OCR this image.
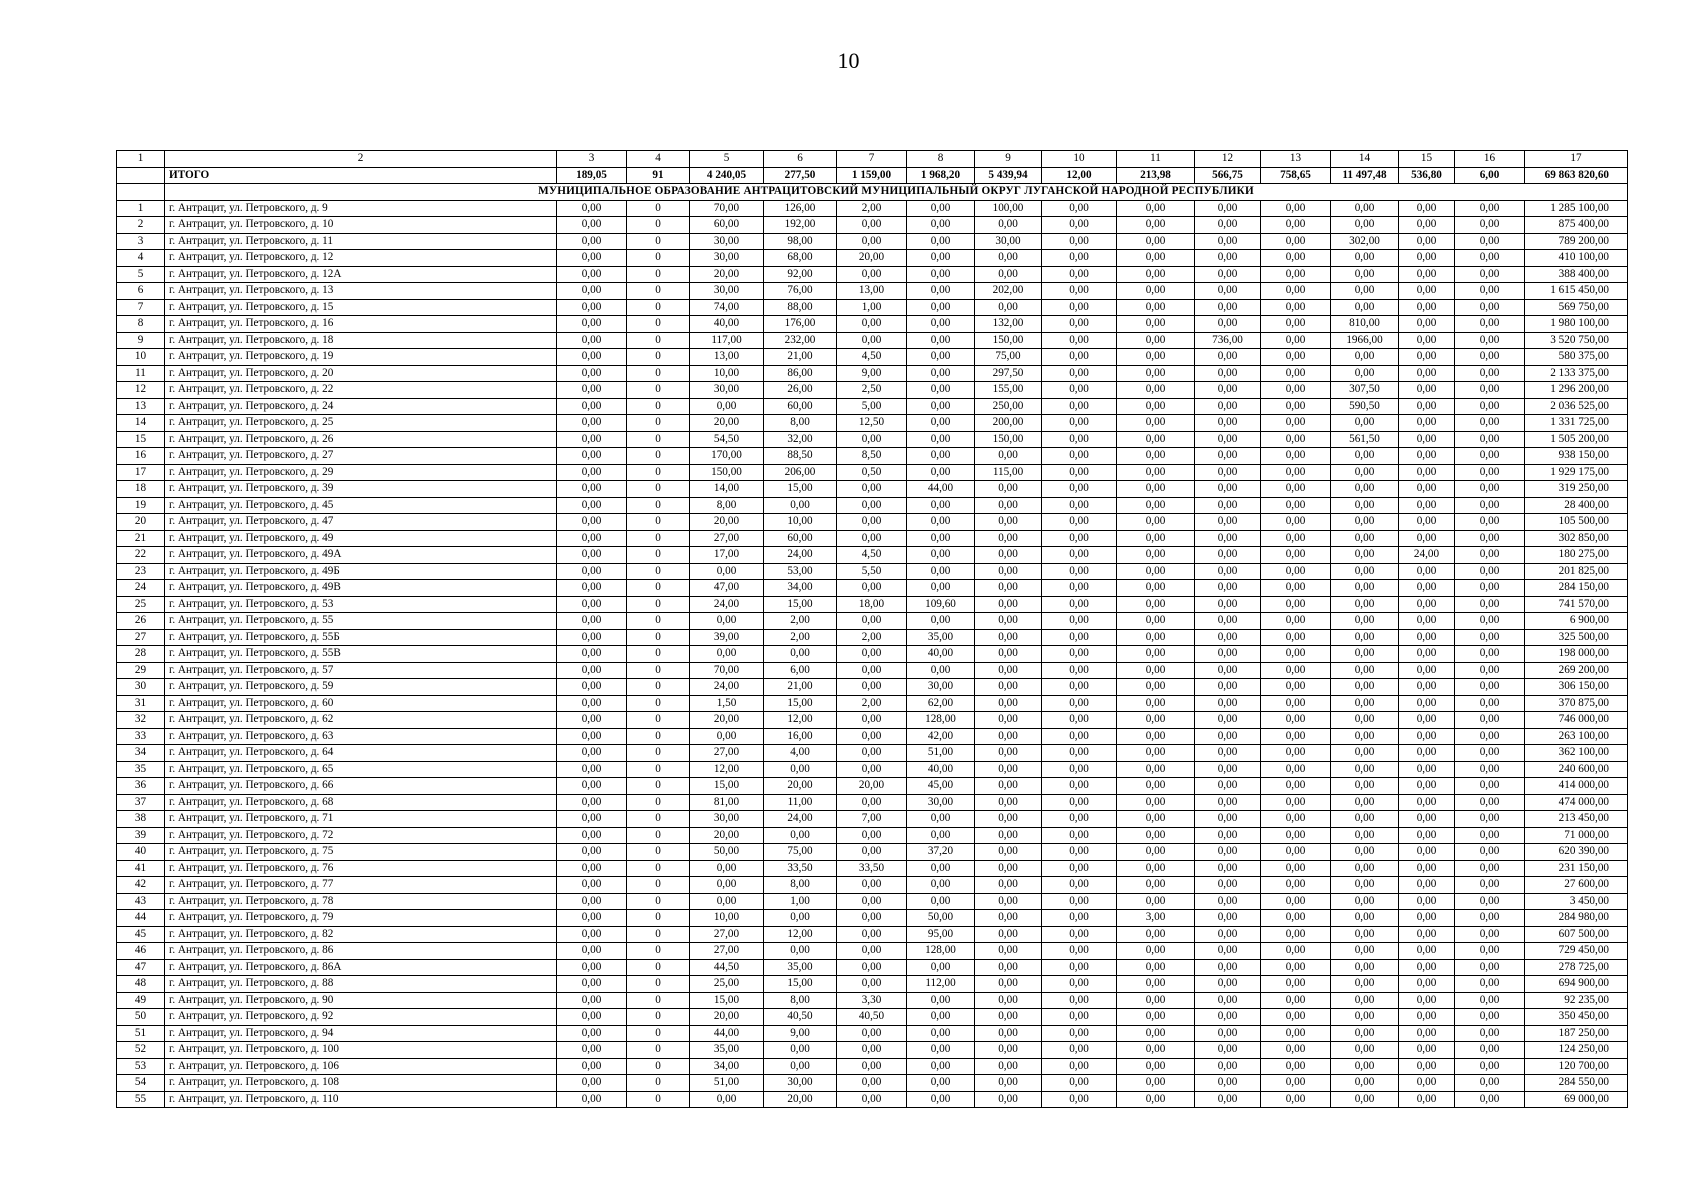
10
1	2	3	4	5	6	7	8	9	10	11	12	13	14	15	16	17
	ИТОГО	189,05	91	4 240,05	277,50	1 159,00	1 968,20	5 439,94	12,00	213,98	566,75	758,65	11 497,48	536,80	6,00	69 863 820,60
	МУНИЦИПАЛЬНОЕ ОБРАЗОВАНИЕ АНТРАЦИТОВСКИЙ МУНИЦИПАЛЬНЫЙ ОКРУГ ЛУГАНСКОЙ НАРОДНОЙ РЕСПУБЛИКИ															
1	г. Антрацит, ул. Петровского, д. 9	0,00	0	70,00	126,00	2,00	0,00	100,00	0,00	0,00	0,00	0,00	0,00	0,00	0,00	1 285 100,00
2	г. Антрацит, ул. Петровского, д. 10	0,00	0	60,00	192,00	0,00	0,00	0,00	0,00	0,00	0,00	0,00	0,00	0,00	0,00	875 400,00
3	г. Антрацит, ул. Петровского, д. 11	0,00	0	30,00	98,00	0,00	0,00	30,00	0,00	0,00	0,00	0,00	302,00	0,00	0,00	789 200,00
4	г. Антрацит, ул. Петровского, д. 12	0,00	0	30,00	68,00	20,00	0,00	0,00	0,00	0,00	0,00	0,00	0,00	0,00	0,00	410 100,00
5	г. Антрацит, ул. Петровского, д. 12А	0,00	0	20,00	92,00	0,00	0,00	0,00	0,00	0,00	0,00	0,00	0,00	0,00	0,00	388 400,00
6	г. Антрацит, ул. Петровского, д. 13	0,00	0	30,00	76,00	13,00	0,00	202,00	0,00	0,00	0,00	0,00	0,00	0,00	0,00	1 615 450,00
7	г. Антрацит, ул. Петровского, д. 15	0,00	0	74,00	88,00	1,00	0,00	0,00	0,00	0,00	0,00	0,00	0,00	0,00	0,00	569 750,00
8	г. Антрацит, ул. Петровского, д. 16	0,00	0	40,00	176,00	0,00	0,00	132,00	0,00	0,00	0,00	0,00	810,00	0,00	0,00	1 980 100,00
9	г. Антрацит, ул. Петровского, д. 18	0,00	0	117,00	232,00	0,00	0,00	150,00	0,00	0,00	736,00	0,00	1966,00	0,00	0,00	3 520 750,00
10	г. Антрацит, ул. Петровского, д. 19	0,00	0	13,00	21,00	4,50	0,00	75,00	0,00	0,00	0,00	0,00	0,00	0,00	0,00	580 375,00
11	г. Антрацит, ул. Петровского, д. 20	0,00	0	10,00	86,00	9,00	0,00	297,50	0,00	0,00	0,00	0,00	0,00	0,00	0,00	2 133 375,00
12	г. Антрацит, ул. Петровского, д. 22	0,00	0	30,00	26,00	2,50	0,00	155,00	0,00	0,00	0,00	0,00	307,50	0,00	0,00	1 296 200,00
13	г. Антрацит, ул. Петровского, д. 24	0,00	0	0,00	60,00	5,00	0,00	250,00	0,00	0,00	0,00	0,00	590,50	0,00	0,00	2 036 525,00
14	г. Антрацит, ул. Петровского, д. 25	0,00	0	20,00	8,00	12,50	0,00	200,00	0,00	0,00	0,00	0,00	0,00	0,00	0,00	1 331 725,00
15	г. Антрацит, ул. Петровского, д. 26	0,00	0	54,50	32,00	0,00	0,00	150,00	0,00	0,00	0,00	0,00	561,50	0,00	0,00	1 505 200,00
16	г. Антрацит, ул. Петровского, д. 27	0,00	0	170,00	88,50	8,50	0,00	0,00	0,00	0,00	0,00	0,00	0,00	0,00	0,00	938 150,00
17	г. Антрацит, ул. Петровского, д. 29	0,00	0	150,00	206,00	0,50	0,00	115,00	0,00	0,00	0,00	0,00	0,00	0,00	0,00	1 929 175,00
18	г. Антрацит, ул. Петровского, д. 39	0,00	0	14,00	15,00	0,00	44,00	0,00	0,00	0,00	0,00	0,00	0,00	0,00	0,00	319 250,00
19	г. Антрацит, ул. Петровского, д. 45	0,00	0	8,00	0,00	0,00	0,00	0,00	0,00	0,00	0,00	0,00	0,00	0,00	0,00	28 400,00
20	г. Антрацит, ул. Петровского, д. 47	0,00	0	20,00	10,00	0,00	0,00	0,00	0,00	0,00	0,00	0,00	0,00	0,00	0,00	105 500,00
21	г. Антрацит, ул. Петровского, д. 49	0,00	0	27,00	60,00	0,00	0,00	0,00	0,00	0,00	0,00	0,00	0,00	0,00	0,00	302 850,00
22	г. Антрацит, ул. Петровского, д. 49А	0,00	0	17,00	24,00	4,50	0,00	0,00	0,00	0,00	0,00	0,00	0,00	24,00	0,00	180 275,00
23	г. Антрацит, ул. Петровского, д. 49Б	0,00	0	0,00	53,00	5,50	0,00	0,00	0,00	0,00	0,00	0,00	0,00	0,00	0,00	201 825,00
24	г. Антрацит, ул. Петровского, д. 49В	0,00	0	47,00	34,00	0,00	0,00	0,00	0,00	0,00	0,00	0,00	0,00	0,00	0,00	284 150,00
25	г. Антрацит, ул. Петровского, д. 53	0,00	0	24,00	15,00	18,00	109,60	0,00	0,00	0,00	0,00	0,00	0,00	0,00	0,00	741 570,00
26	г. Антрацит, ул. Петровского, д. 55	0,00	0	0,00	2,00	0,00	0,00	0,00	0,00	0,00	0,00	0,00	0,00	0,00	0,00	6 900,00
27	г. Антрацит, ул. Петровского, д. 55Б	0,00	0	39,00	2,00	2,00	35,00	0,00	0,00	0,00	0,00	0,00	0,00	0,00	0,00	325 500,00
28	г. Антрацит, ул. Петровского, д. 55В	0,00	0	0,00	0,00	0,00	40,00	0,00	0,00	0,00	0,00	0,00	0,00	0,00	0,00	198 000,00
29	г. Антрацит, ул. Петровского, д. 57	0,00	0	70,00	6,00	0,00	0,00	0,00	0,00	0,00	0,00	0,00	0,00	0,00	0,00	269 200,00
30	г. Антрацит, ул. Петровского, д. 59	0,00	0	24,00	21,00	0,00	30,00	0,00	0,00	0,00	0,00	0,00	0,00	0,00	0,00	306 150,00
31	г. Антрацит, ул. Петровского, д. 60	0,00	0	1,50	15,00	2,00	62,00	0,00	0,00	0,00	0,00	0,00	0,00	0,00	0,00	370 875,00
32	г. Антрацит, ул. Петровского, д. 62	0,00	0	20,00	12,00	0,00	128,00	0,00	0,00	0,00	0,00	0,00	0,00	0,00	0,00	746 000,00
33	г. Антрацит, ул. Петровского, д. 63	0,00	0	0,00	16,00	0,00	42,00	0,00	0,00	0,00	0,00	0,00	0,00	0,00	0,00	263 100,00
34	г. Антрацит, ул. Петровского, д. 64	0,00	0	27,00	4,00	0,00	51,00	0,00	0,00	0,00	0,00	0,00	0,00	0,00	0,00	362 100,00
35	г. Антрацит, ул. Петровского, д. 65	0,00	0	12,00	0,00	0,00	40,00	0,00	0,00	0,00	0,00	0,00	0,00	0,00	0,00	240 600,00
36	г. Антрацит, ул. Петровского, д. 66	0,00	0	15,00	20,00	20,00	45,00	0,00	0,00	0,00	0,00	0,00	0,00	0,00	0,00	414 000,00
37	г. Антрацит, ул. Петровского, д. 68	0,00	0	81,00	11,00	0,00	30,00	0,00	0,00	0,00	0,00	0,00	0,00	0,00	0,00	474 000,00
38	г. Антрацит, ул. Петровского, д. 71	0,00	0	30,00	24,00	7,00	0,00	0,00	0,00	0,00	0,00	0,00	0,00	0,00	0,00	213 450,00
39	г. Антрацит, ул. Петровского, д. 72	0,00	0	20,00	0,00	0,00	0,00	0,00	0,00	0,00	0,00	0,00	0,00	0,00	0,00	71 000,00
40	г. Антрацит, ул. Петровского, д. 75	0,00	0	50,00	75,00	0,00	37,20	0,00	0,00	0,00	0,00	0,00	0,00	0,00	0,00	620 390,00
41	г. Антрацит, ул. Петровского, д. 76	0,00	0	0,00	33,50	33,50	0,00	0,00	0,00	0,00	0,00	0,00	0,00	0,00	0,00	231 150,00
42	г. Антрацит, ул. Петровского, д. 77	0,00	0	0,00	8,00	0,00	0,00	0,00	0,00	0,00	0,00	0,00	0,00	0,00	0,00	27 600,00
43	г. Антрацит, ул. Петровского, д. 78	0,00	0	0,00	1,00	0,00	0,00	0,00	0,00	0,00	0,00	0,00	0,00	0,00	0,00	3 450,00
44	г. Антрацит, ул. Петровского, д. 79	0,00	0	10,00	0,00	0,00	50,00	0,00	0,00	3,00	0,00	0,00	0,00	0,00	0,00	284 980,00
45	г. Антрацит, ул. Петровского, д. 82	0,00	0	27,00	12,00	0,00	95,00	0,00	0,00	0,00	0,00	0,00	0,00	0,00	0,00	607 500,00
46	г. Антрацит, ул. Петровского, д. 86	0,00	0	27,00	0,00	0,00	128,00	0,00	0,00	0,00	0,00	0,00	0,00	0,00	0,00	729 450,00
47	г. Антрацит, ул. Петровского, д. 86А	0,00	0	44,50	35,00	0,00	0,00	0,00	0,00	0,00	0,00	0,00	0,00	0,00	0,00	278 725,00
48	г. Антрацит, ул. Петровского, д. 88	0,00	0	25,00	15,00	0,00	112,00	0,00	0,00	0,00	0,00	0,00	0,00	0,00	0,00	694 900,00
49	г. Антрацит, ул. Петровского, д. 90	0,00	0	15,00	8,00	3,30	0,00	0,00	0,00	0,00	0,00	0,00	0,00	0,00	0,00	92 235,00
50	г. Антрацит, ул. Петровского, д. 92	0,00	0	20,00	40,50	40,50	0,00	0,00	0,00	0,00	0,00	0,00	0,00	0,00	0,00	350 450,00
51	г. Антрацит, ул. Петровского, д. 94	0,00	0	44,00	9,00	0,00	0,00	0,00	0,00	0,00	0,00	0,00	0,00	0,00	0,00	187 250,00
52	г. Антрацит, ул. Петровского, д. 100	0,00	0	35,00	0,00	0,00	0,00	0,00	0,00	0,00	0,00	0,00	0,00	0,00	0,00	124 250,00
53	г. Антрацит, ул. Петровского, д. 106	0,00	0	34,00	0,00	0,00	0,00	0,00	0,00	0,00	0,00	0,00	0,00	0,00	0,00	120 700,00
54	г. Антрацит, ул. Петровского, д. 108	0,00	0	51,00	30,00	0,00	0,00	0,00	0,00	0,00	0,00	0,00	0,00	0,00	0,00	284 550,00
55	г. Антрацит, ул. Петровского, д. 110	0,00	0	0,00	20,00	0,00	0,00	0,00	0,00	0,00	0,00	0,00	0,00	0,00	0,00	69 000,00
